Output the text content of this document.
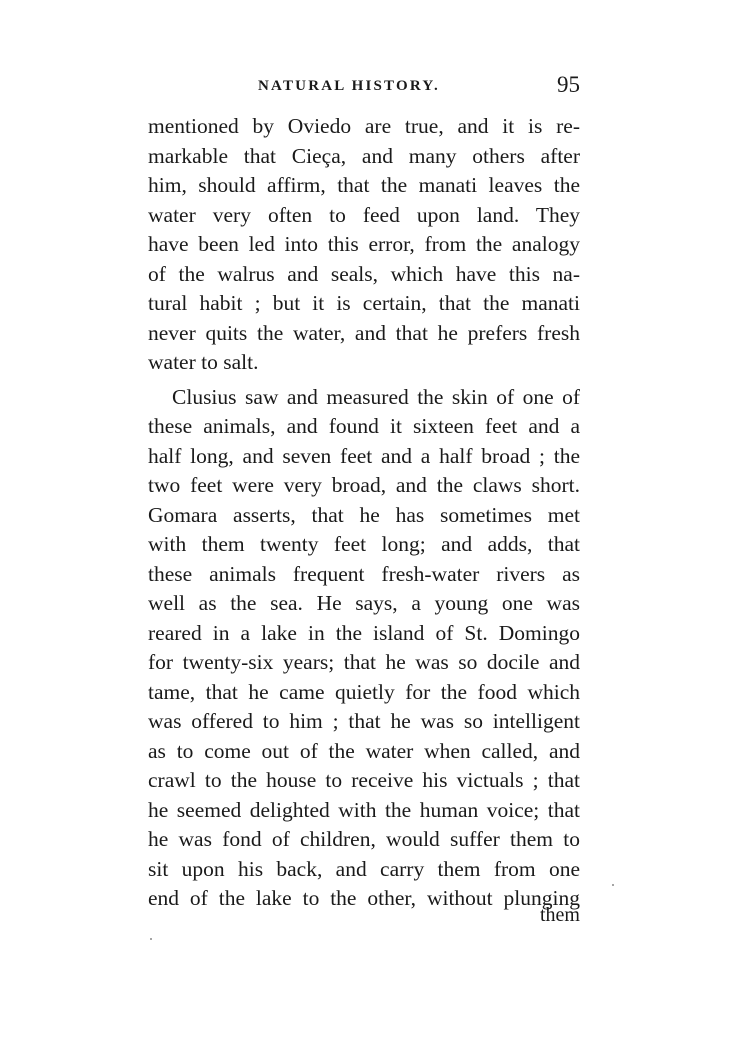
NATURAL HISTORY.	95
mentioned by Oviedo are true, and it is re-
markable that Cieça, and many others after
him, should affirm, that the manati leaves the
water very often to feed upon land. They
have been led into this error, from the analogy
of the walrus and seals, which have this na-
tural habit ; but it is certain, that the manati
never quits the water, and that he prefers fresh
water to salt.
Clusius saw and measured the skin of one of
these animals, and found it sixteen feet and a
half long, and seven feet and a half broad ; the
two feet were very broad, and the claws short.
Gomara asserts, that he has sometimes met
with them twenty feet long; and adds, that
these animals frequent fresh-water rivers as
well as the sea. He says, a young one was
reared in a lake in the island of St. Domingo
for twenty-six years; that he was so docile and
tame, that he came quietly for the food which
was offered to him ; that he was so intelligent
as to come out of the water when called, and
crawl to the house to receive his victuals ; that
he seemed delighted with the human voice; that
he was fond of children, would suffer them to
sit upon his back, and carry them from one
end of the lake to the other, without plunging
them
